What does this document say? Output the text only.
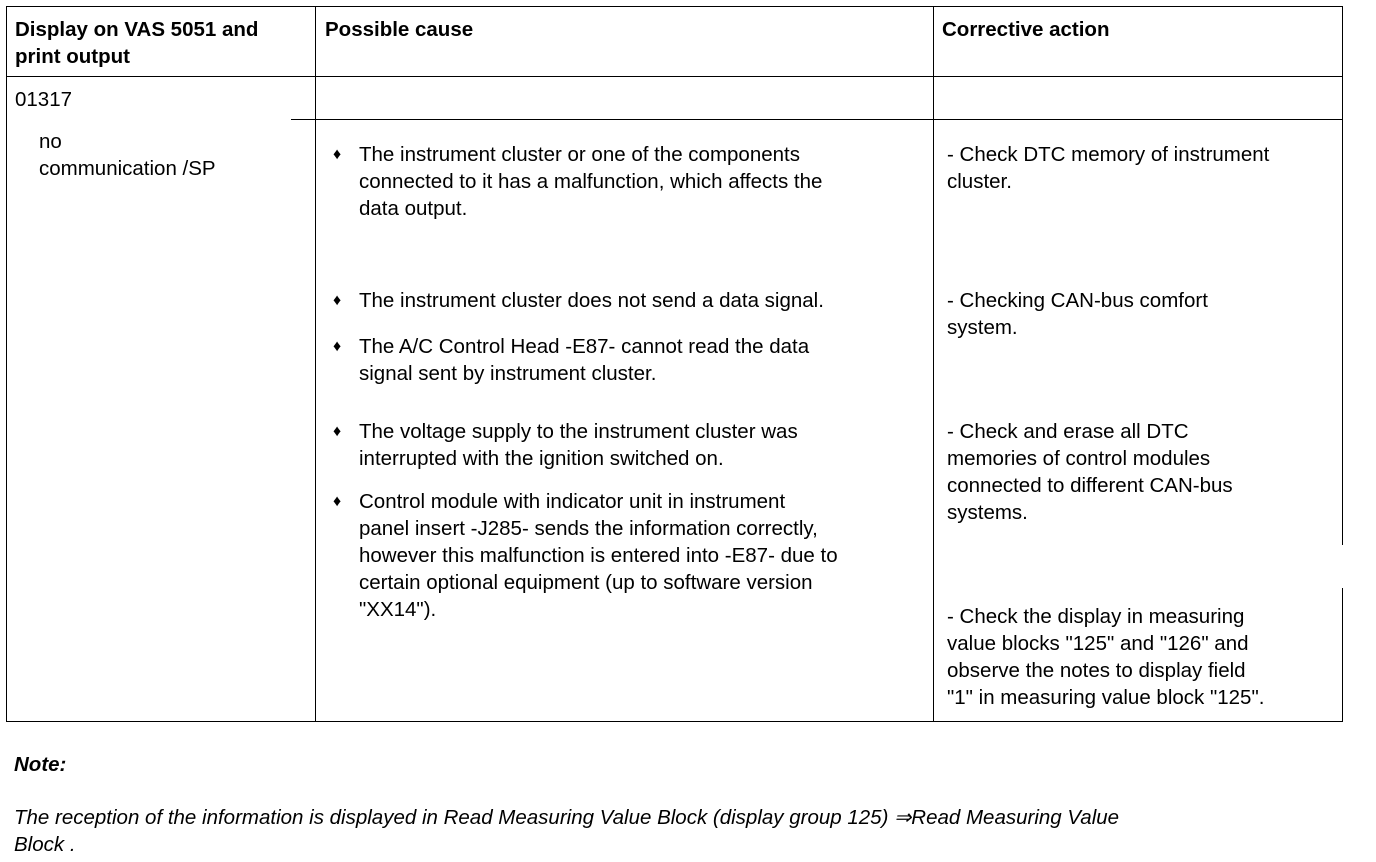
Display on VAS 5051 and
print output
Possible cause	Corrective action
01317
no
communication /SP
♦ The instrument cluster or one of the components
connected to it has a malfunction, which affects the
data output.
♦ The instrument cluster does not send a data signal.
♦ The A/C Control Head -E87- cannot read the data
signal sent by instrument cluster.
♦ The voltage supply to the instrument cluster was
interrupted with the ignition switched on.
♦ Control module with indicator unit in instrument
panel insert -J285- sends the information correctly,
however this malfunction is entered into -E87- due to
certain optional equipment (up to software version
"XX14").
- Check DTC memory of instrument
cluster.
- Checking CAN-bus comfort
system.
- Check and erase all DTC
memories of control modules
connected to different CAN-bus
systems.
- Check the display in measuring
value blocks "125" and "126" and
observe the notes to display field
"1" in measuring value block "125".
Note:
The reception of the information is displayed in Read Measuring Value Block (display group 125) ⇒Read Measuring Value
Block .
